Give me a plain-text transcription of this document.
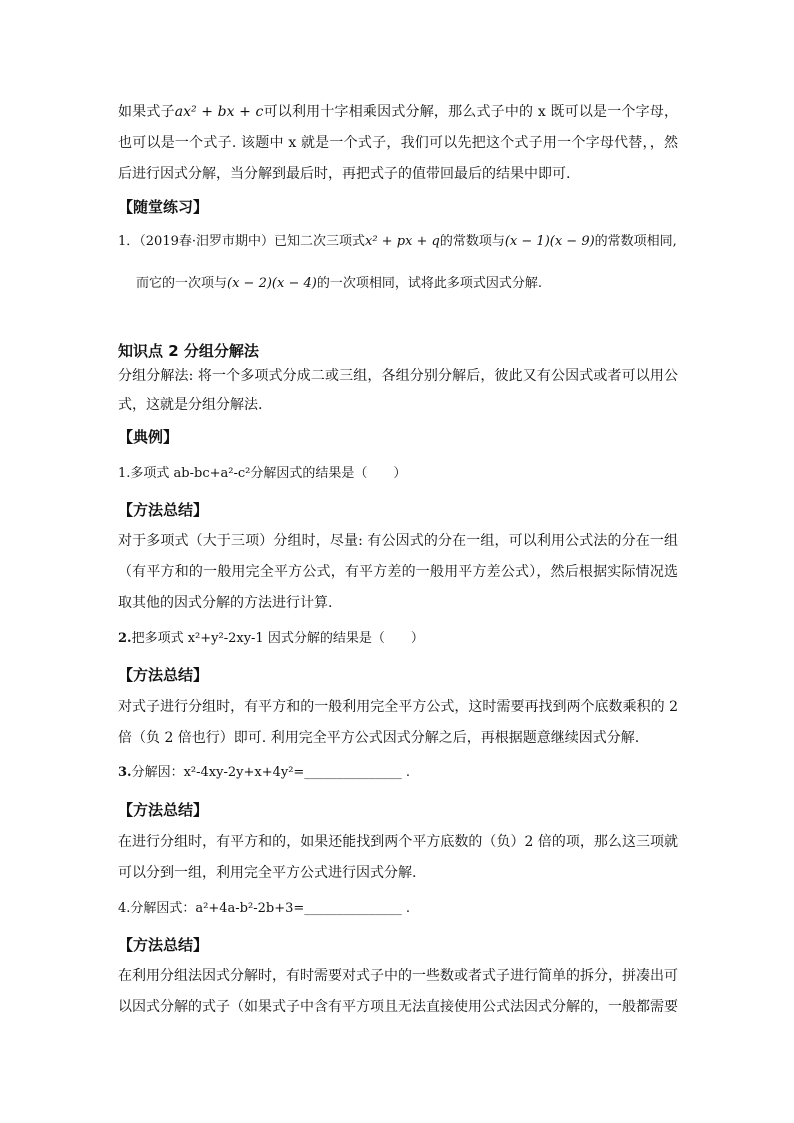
如果式子ax² + bx + c可以利用十字相乘因式分解，那么式子中的 x 既可以是一个字母，也可以是一个式子. 该题中 x 就是一个式子，我们可以先把这个式子用一个字母代替，，然后进行因式分解，当分解到最后时，再把式子的值带回最后的结果中即可.

【随堂练习】

1．（2019春·汨罗市期中）已知二次三项式x² + px + q的常数项与(x − 1)(x − 9)的常数项相同,

而它的一次项与(x − 2)(x − 4)的一次项相同，试将此多项式因式分解.

知识点 2 分组分解法

分组分解法: 将一个多项式分成二或三组，各组分别分解后，彼此又有公因式或者可以用公式，这就是分组分解法.

【典例】

1.多项式 ab-bc+a²-c²分解因式的结果是（　　）

【方法总结】

对于多项式（大于三项）分组时，尽量: 有公因式的分在一组，可以利用公式法的分在一组（有平方和的一般用完全平方公式，有平方差的一般用平方差公式），然后根据实际情况选取其他的因式分解的方法进行计算.

2.把多项式 x²+y²-2xy-1 因式分解的结果是（　　）

【方法总结】

对式子进行分组时，有平方和的一般利用完全平方公式，这时需要再找到两个底数乘积的 2 倍（负 2 倍也行）即可. 利用完全平方公式因式分解之后，再根据题意继续因式分解.

3.分解因：x²-4xy-2y+x+4y²=_______________ .

【方法总结】

在进行分组时，有平方和的，如果还能找到两个平方底数的（负）2 倍的项，那么这三项就可以分到一组，利用完全平方公式进行因式分解.

4.分解因式：a²+4a-b²-2b+3=_______________ .

【方法总结】

在利用分组法因式分解时，有时需要对式子中的一些数或者式子进行简单的拆分，拼凑出可以因式分解的式子（如果式子中含有平方项且无法直接使用公式法因式分解的，一般都需要
